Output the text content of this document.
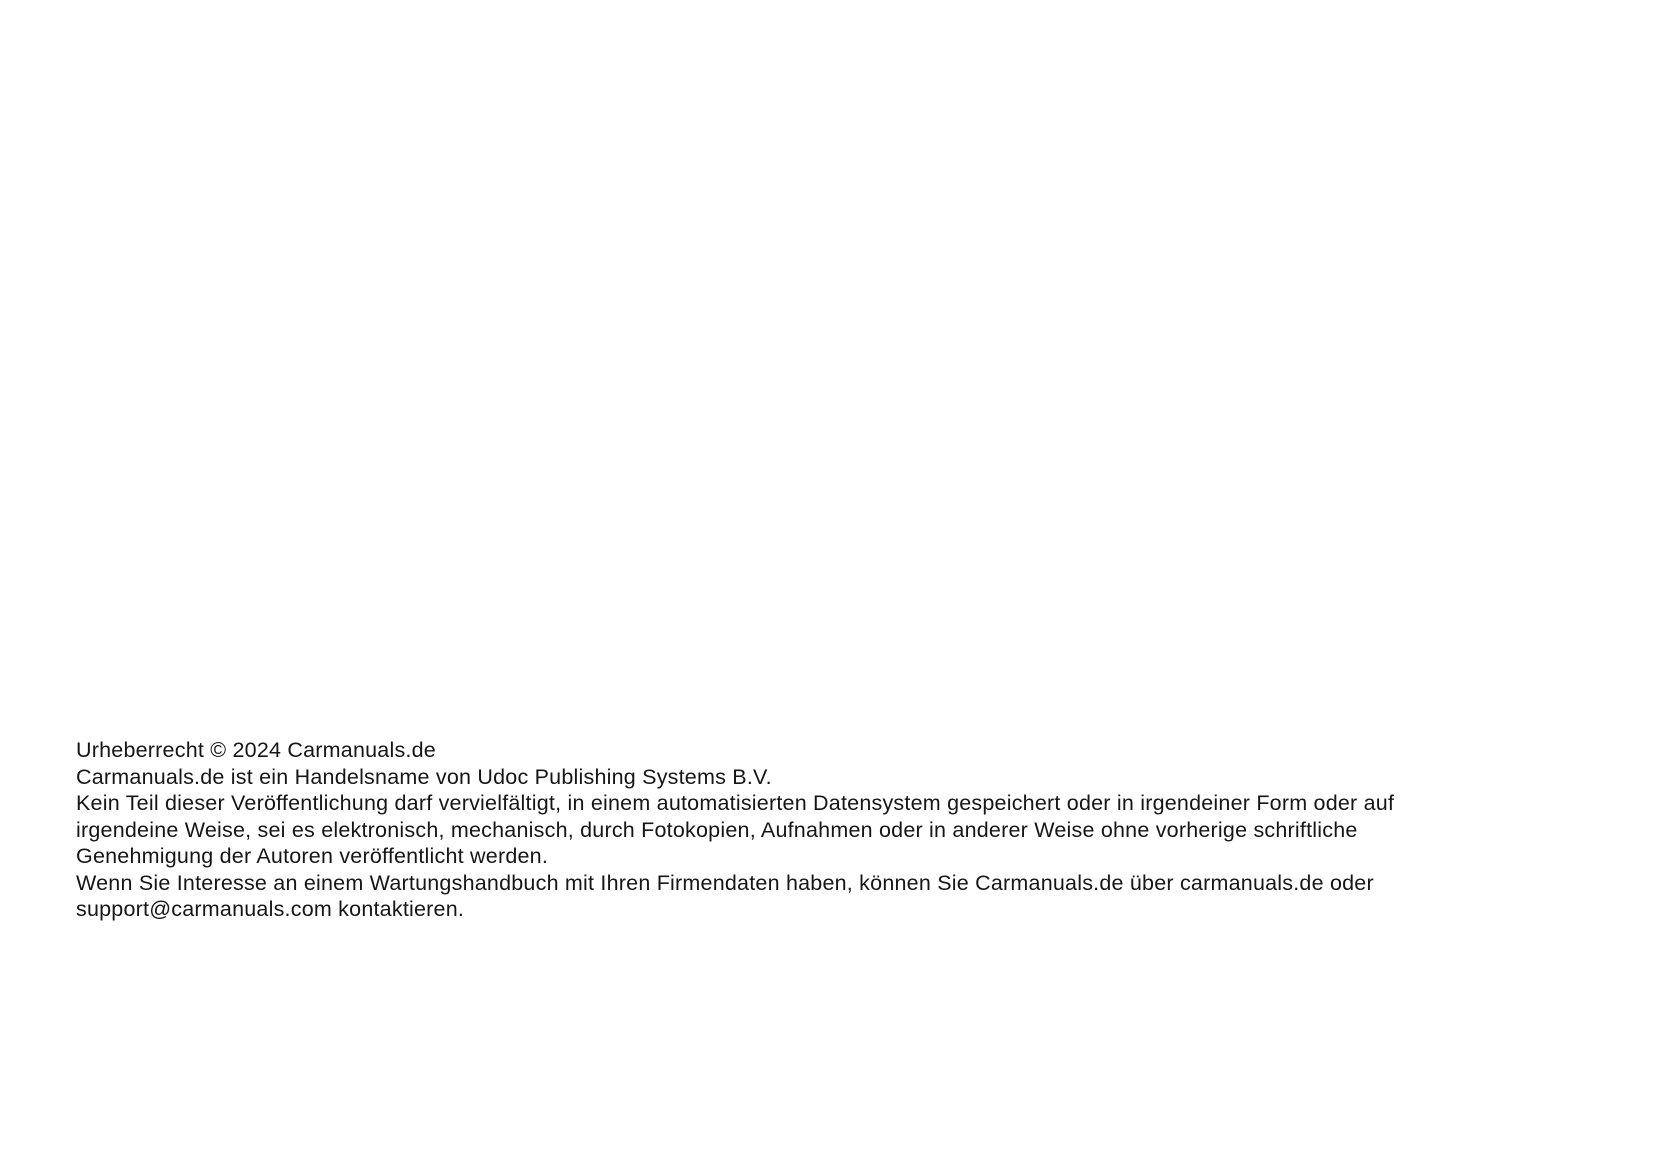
Urheberrecht © 2024 Carmanuals.de

Carmanuals.de ist ein Handelsname von Udoc Publishing Systems B.V.

Kein Teil dieser Veröffentlichung darf vervielfältigt, in einem automatisierten Datensystem gespeichert oder in irgendeiner Form oder auf irgendeine Weise, sei es elektronisch, mechanisch, durch Fotokopien, Aufnahmen oder in anderer Weise ohne vorherige schriftliche Genehmigung der Autoren veröffentlicht werden.

Wenn Sie Interesse an einem Wartungshandbuch mit Ihren Firmendaten haben, können Sie Carmanuals.de über carmanuals.de oder support@carmanuals.com kontaktieren.
